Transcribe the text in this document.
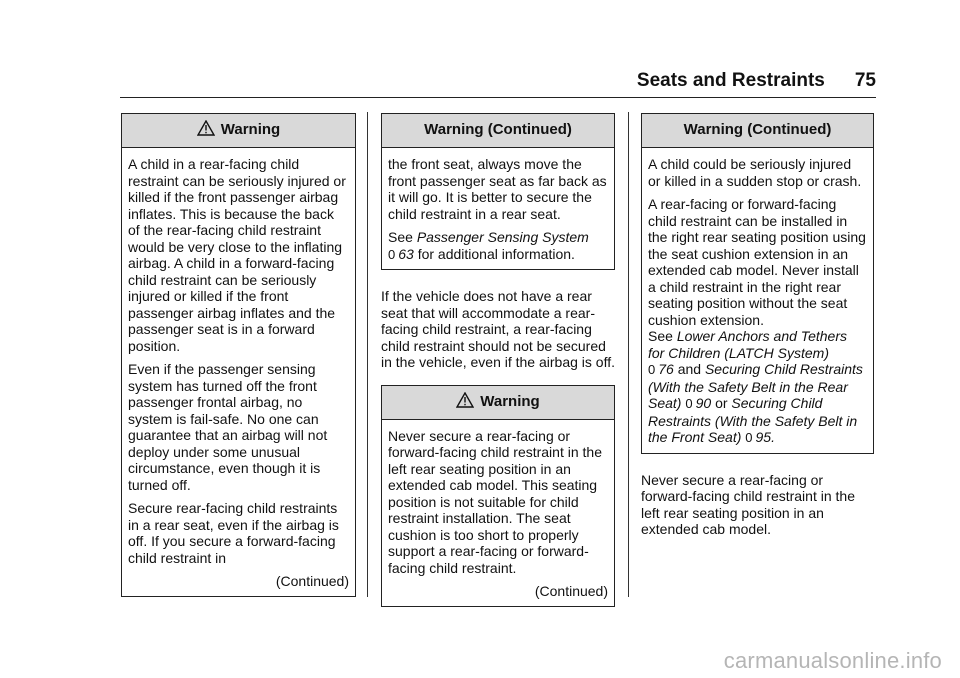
Seats and Restraints 75
Warning

A child in a rear-facing child restraint can be seriously injured or killed if the front passenger airbag inflates. This is because the back of the rear-facing child restraint would be very close to the inflating airbag. A child in a forward-facing child restraint can be seriously injured or killed if the front passenger airbag inflates and the passenger seat is in a forward position.

Even if the passenger sensing system has turned off the front passenger frontal airbag, no system is fail-safe. No one can guarantee that an airbag will not deploy under some unusual circumstance, even though it is turned off.

Secure rear-facing child restraints in a rear seat, even if the airbag is off. If you secure a forward-facing child restraint in

(Continued)
Warning (Continued)

the front seat, always move the front passenger seat as far back as it will go. It is better to secure the child restraint in a rear seat.

See Passenger Sensing System
0 63 for additional information.

If the vehicle does not have a rear seat that will accommodate a rear-facing child restraint, a rear-facing child restraint should not be secured in the vehicle, even if the airbag is off.

Warning

Never secure a rear-facing or forward-facing child restraint in the left rear seating position in an extended cab model. This seating position is not suitable for child restraint installation. The seat cushion is too short to properly support a rear-facing or forward-facing child restraint.

(Continued)
Warning (Continued)

A child could be seriously injured or killed in a sudden stop or crash.

A rear-facing or forward-facing child restraint can be installed in the right rear seating position using the seat cushion extension in an extended cab model. Never install a child restraint in the right rear seating position without the seat cushion extension.

See Lower Anchors and Tethers for Children (LATCH System)
0 76 and Securing Child Restraints (With the Safety Belt in the Rear Seat) 0 90 or Securing Child Restraints (With the Safety Belt in the Front Seat) 0 95.

Never secure a rear-facing or forward-facing child restraint in the left rear seating position in an extended cab model.

carmanualsonline.info
